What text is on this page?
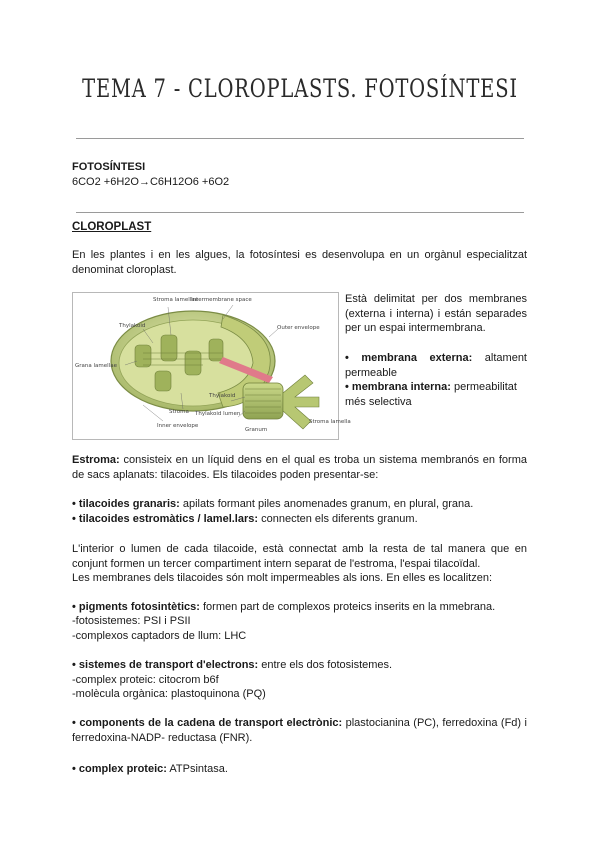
TEMA 7 - CLOROPLASTS. FOTOSÍNTESI
FOTOSÍNTESI
6CO2 +6H2O→C6H12O6 +6O2
CLOROPLAST
En les plantes i en les algues, la fotosíntesi es desenvolupa en un orgànul especialitzat denominat cloroplast.
Stroma lamellae
Intermembrane space
Thylakoid	Outer envelope
Grana lamellae
Stroma
Inner envelope
Thylakoid
Thylakoid lumen
Granum
Stroma lamella
Està delimitat per dos membranes (externa i interna) i están separades per un espai intermembrana.
• membrana externa: altament permeable
• membrana interna: permeabilitat més selectiva
Estroma: consisteix en un líquid dens en el qual es troba un sistema membranós en forma de sacs aplanats: tilacoides. Els tilacoides poden presentar-se:
• tilacoides granaris: apilats formant piles anomenades granum, en plural, grana.
• tilacoides estromàtics / lamel.lars: connecten els diferents granum.
L'interior o lumen de cada tilacoide, està connectat amb la resta de tal manera que en conjunt formen un tercer compartiment intern separat de l'estroma, l'espai tilacoïdal.
Les membranes dels tilacoides són molt impermeables als ions. En elles es localitzen:
• pigments fotosintètics: formen part de complexos proteics inserits en la mmebrana.
-fotosistemes: PSI i PSII
-complexos captadors de llum: LHC
• sistemes de transport d'electrons: entre els dos fotosistemes.
-complex proteic: citocrom b6f
-molècula orgànica: plastoquinona (PQ)
• components de la cadena de transport electrònic: plastocianina (PC), ferredoxina (Fd) i ferredoxina-NADP- reductasa (FNR).
• complex proteic: ATPsintasa.
